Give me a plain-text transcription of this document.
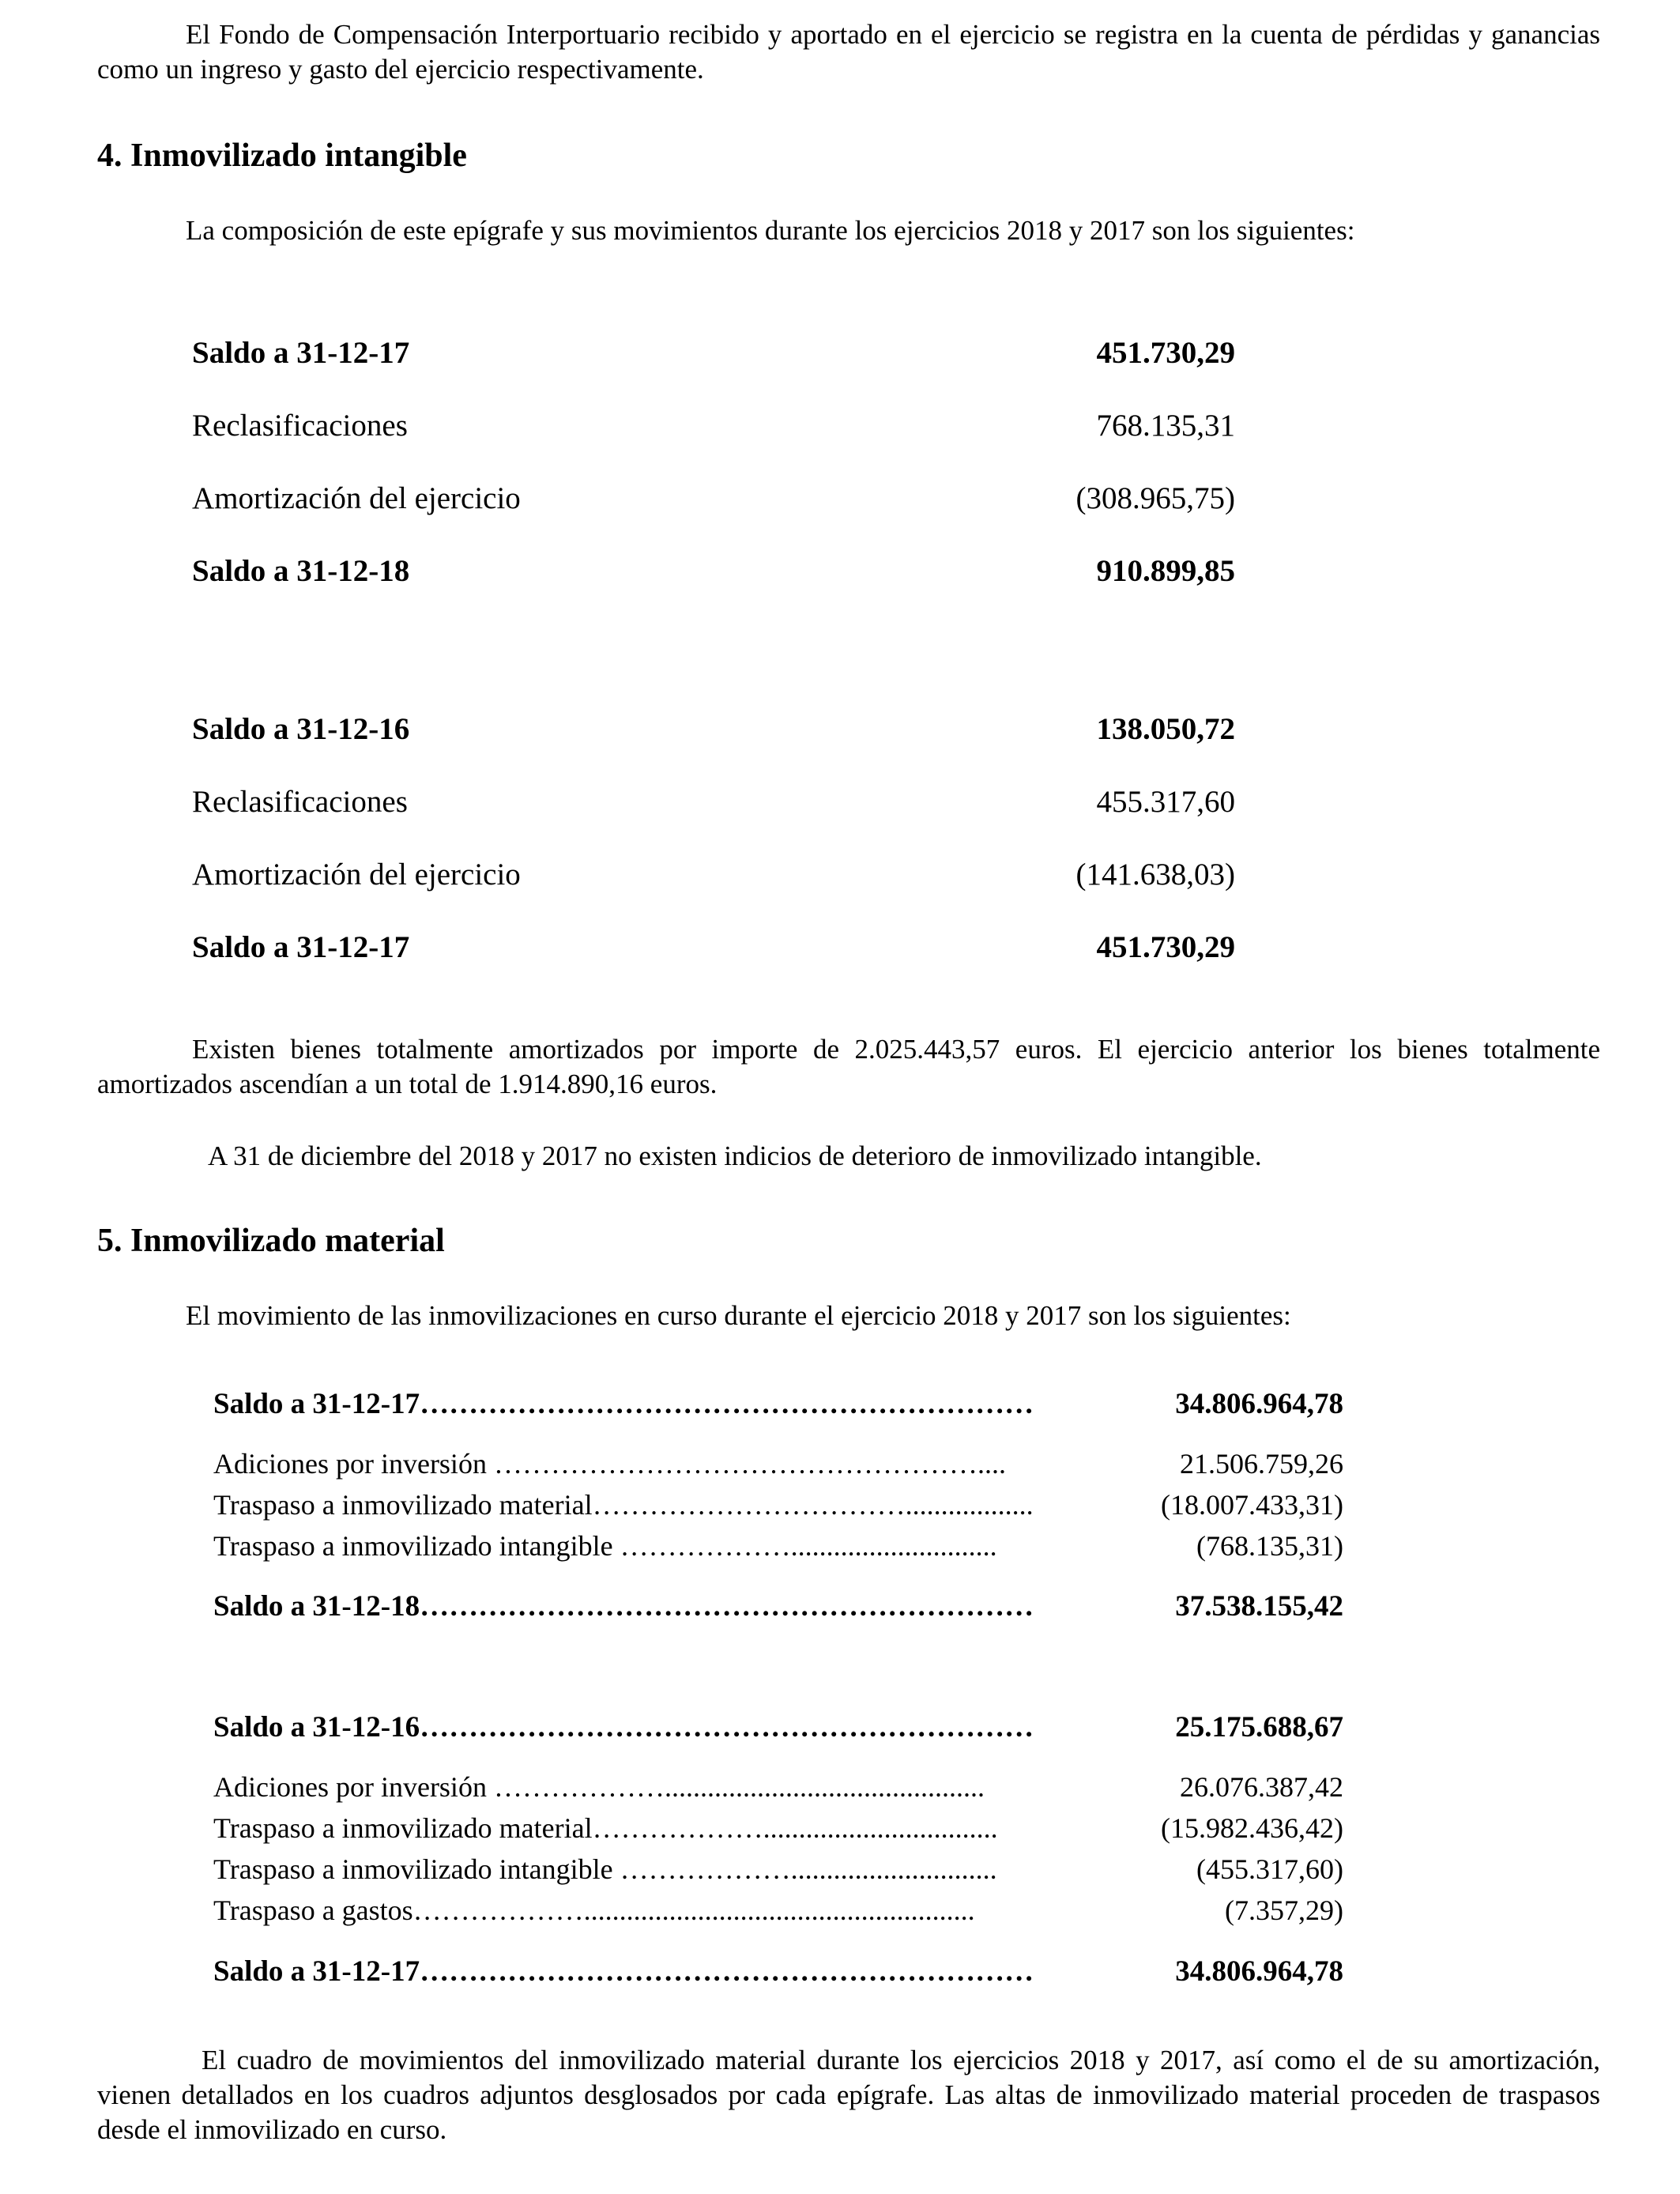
El Fondo de Compensación Interportuario recibido y aportado en el ejercicio se registra en la cuenta de pérdidas y ganancias como un ingreso y gasto del ejercicio respectivamente.

4. Inmovilizado intangible

La composición de este epígrafe y sus movimientos durante los ejercicios 2018 y 2017 son los siguientes:

Saldo a 31-12-17	451.730,29
Reclasificaciones	768.135,31
Amortización del ejercicio	(308.965,75)
Saldo a 31-12-18	910.899,85
Saldo a 31-12-16	138.050,72
Reclasificaciones	455.317,60
Amortización del ejercicio	(141.638,03)
Saldo a 31-12-17	451.730,29

Existen bienes totalmente amortizados por importe de 2.025.443,57 euros. El ejercicio anterior los bienes totalmente amortizados ascendían a un total de 1.914.890,16 euros.

A 31 de diciembre del 2018 y 2017 no existen indicios de deterioro de inmovilizado intangible.

5. Inmovilizado material

El movimiento de las inmovilizaciones en curso durante el ejercicio 2018 y 2017 son los siguientes:

Saldo a 31-12-17………………………………………………………	34.806.964,78
Adiciones por inversión ……………………………………………....	21.506.759,26
Traspaso a inmovilizado material……………………………..................	(18.007.433,31)
Traspaso a inmovilizado intangible ……………….............................	(768.135,31)
Saldo a 31-12-18………………………………………………………	37.538.155,42
Saldo a 31-12-16………………………………………………………	25.175.688,67
Adiciones por inversión ……………….............................................	26.076.387,42
Traspaso a inmovilizado material……………….................................	(15.982.436,42)
Traspaso a inmovilizado intangible ……………….............................	(455.317,60)
Traspaso a gastos……………….......................................................	(7.357,29)
Saldo a 31-12-17………………………………………………………	34.806.964,78

El cuadro de movimientos del inmovilizado material durante los ejercicios 2018 y 2017, así como el de su amortización, vienen detallados en los cuadros adjuntos desglosados por cada epígrafe. Las altas de inmovilizado material proceden de traspasos desde el inmovilizado en curso.
